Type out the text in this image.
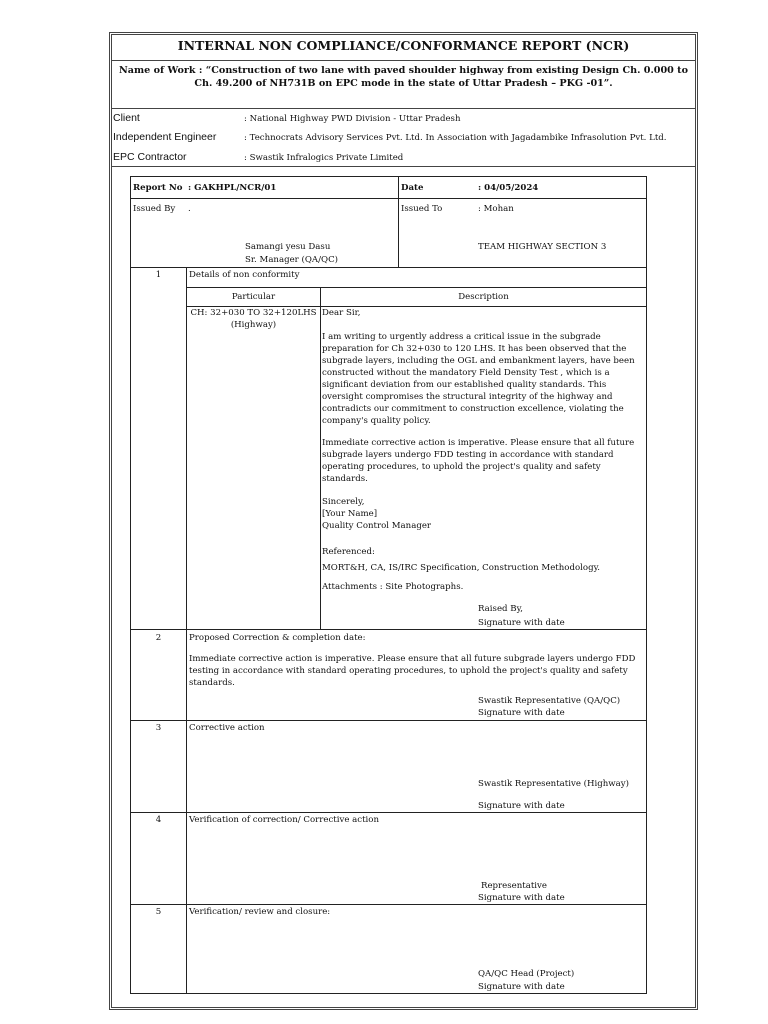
INTERNAL NON COMPLIANCE/CONFORMANCE REPORT (NCR)
Name of Work : “Construction of two lane with paved shoulder highway from existing Design Ch. 0.000 to Ch. 49.200 of NH731B on EPC mode in the state of Uttar Pradesh – PKG -01”.
Client	: National Highway PWD Division - Uttar Pradesh
Independent Engineer	: Technocrats Advisory Services Pvt. Ltd. In Association with Jagadambike Infrasolution Pvt. Ltd.
EPC Contractor	: Swastik Infralogics Private Limited
Report No : GAKHPL/NCR/01	Date	: 04/05/2024
Issued By .
Samangi yesu Dasu
Sr. Manager (QA/QC)
Issued To	: Mohan
TEAM HIGHWAY SECTION 3
1	Details of non conformity
Particular	Description
CH: 32+030 TO 32+120LHS
(Highway)
Dear Sir,
I am writing to urgently address a critical issue in the subgrade preparation for Ch 32+030 to 120 LHS. It has been observed that the subgrade layers, including the OGL and embankment layers, have been constructed without the mandatory Field Density Test , which is a significant deviation from our established quality standards. This oversight compromises the structural integrity of the highway and contradicts our commitment to construction excellence, violating the company's quality policy.
Immediate corrective action is imperative. Please ensure that all future subgrade layers undergo FDD testing in accordance with standard operating procedures, to uphold the project's quality and safety standards.
Sincerely,
[Your Name]
Quality Control Manager
Referenced:
MORT&H, CA, IS/IRC Specification, Construction Methodology.
Attachments : Site Photographs.
Raised By,
Signature with date
2	Proposed Correction & completion date:
Immediate corrective action is imperative. Please ensure that all future subgrade layers undergo FDD testing in accordance with standard operating procedures, to uphold the project's quality and safety standards.
Swastik Representative (QA/QC)
Signature with date
3	Corrective action
Swastik Representative (Highway)
Signature with date
4	Verification of correction/ Corrective action
Representative
Signature with date
5	Verification/ review and closure:
QA/QC Head (Project)
Signature with date
